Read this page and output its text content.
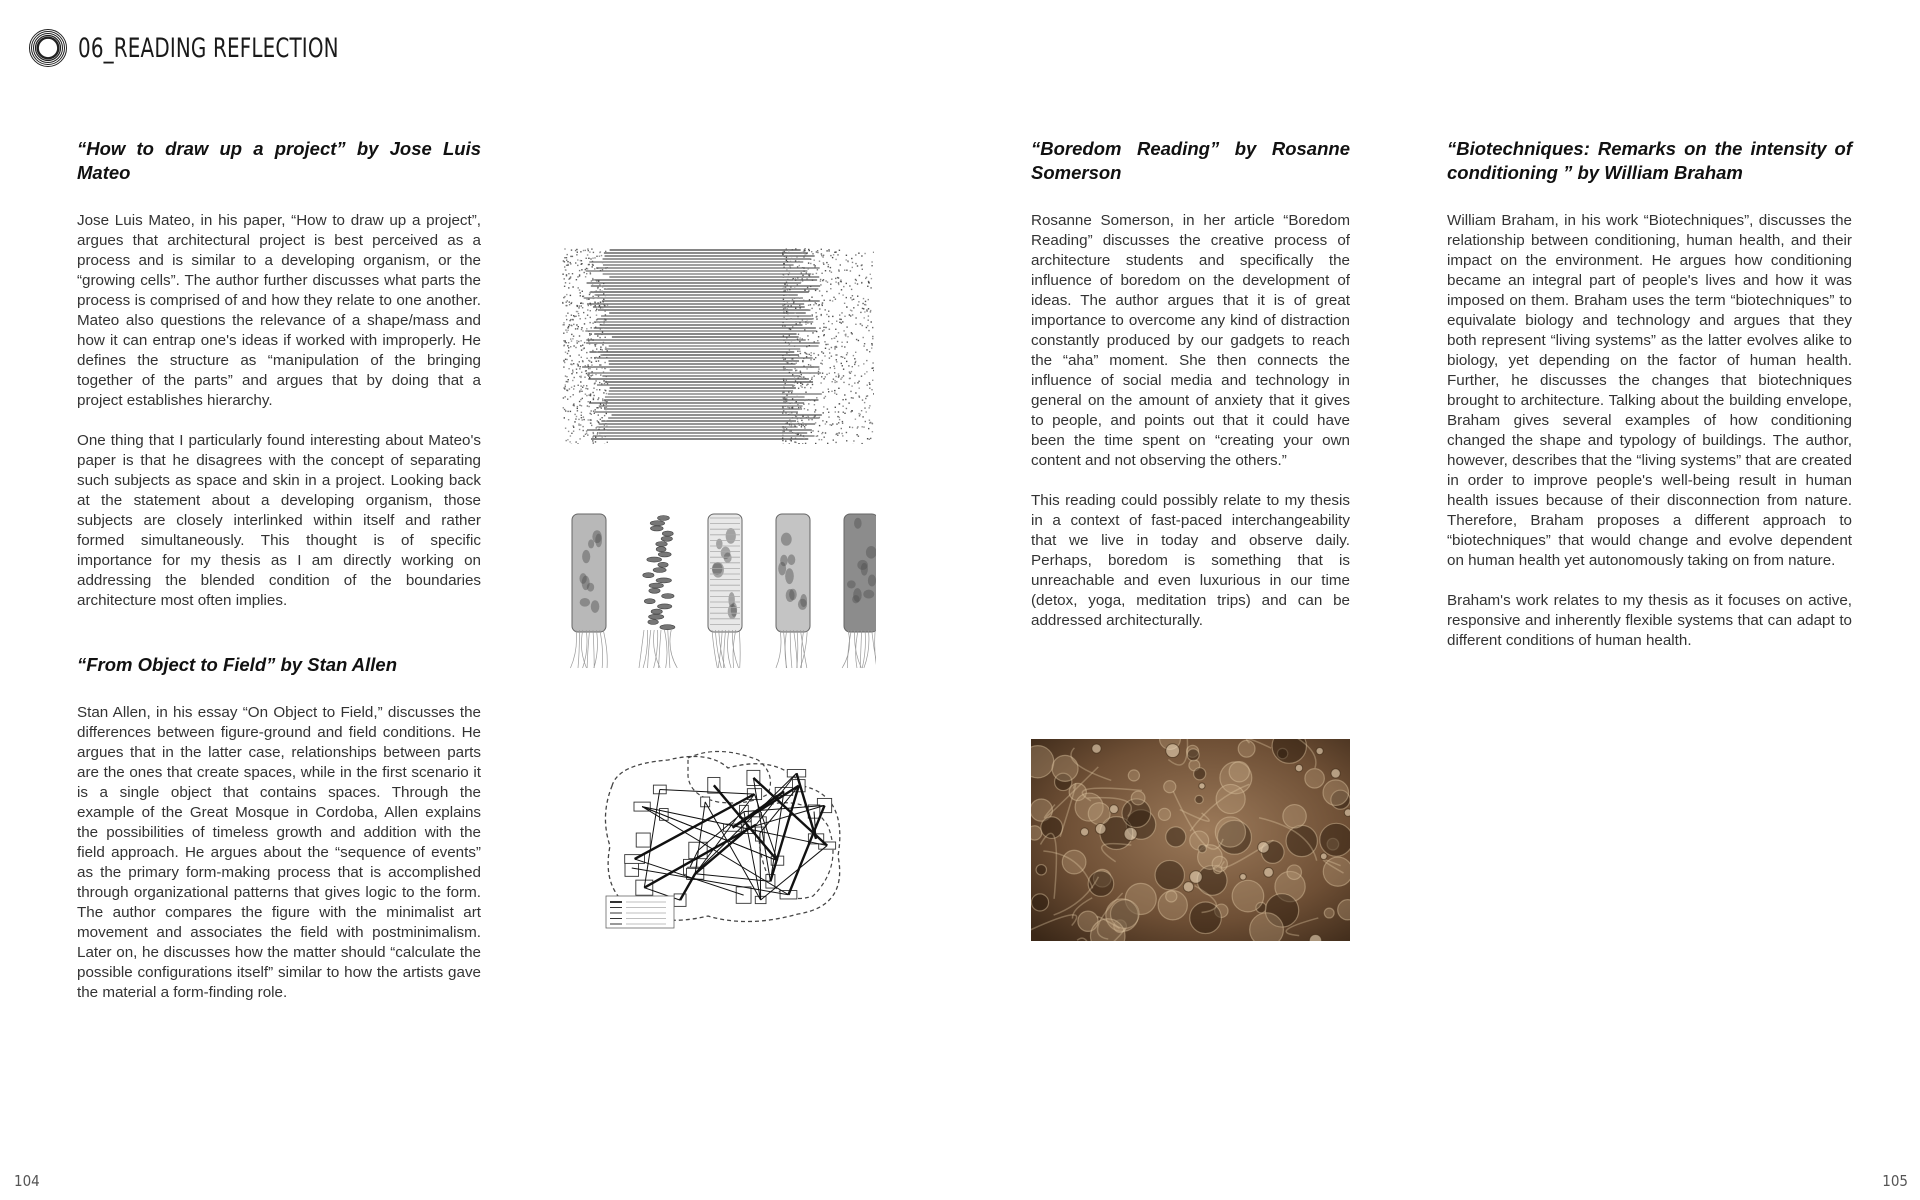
06_READING REFLECTION
“How to draw up a project” by Jose Luis Mateo

Jose Luis Mateo, in his paper, “How to draw up a project”, argues that architectural project is best perceived as a process and is similar to a developing organism, or the “growing cells”. The author further discusses what parts the process is comprised of and how they relate to one another. Mateo also questions the relevance of a shape/mass and how it can entrap one's ideas if worked with improperly. He defines the structure as “manipulation of the bringing together of the parts” and argues that by doing that a project establishes hierarchy.

One thing that I particularly found interesting about Mateo's paper is that he disagrees with the concept of separating such subjects as space and skin in a project. Looking back at the statement about a developing organism, those subjects are closely interlinked within itself and rather formed simultaneously. This thought is of specific importance for my thesis as I am directly working on addressing the blended condition of the boundaries architecture most often implies.

“From Object to Field” by Stan Allen

Stan Allen, in his essay “On Object to Field,” discusses the differences between figure-ground and field conditions. He argues that in the latter case, relationships between parts are the ones that create spaces, while in the first scenario it is a single object that contains spaces. Through the example of the Great Mosque in Cordoba, Allen explains the possibilities of timeless growth and addition with the field approach. He argues about the “sequence of events” as the primary form-making process that is accomplished through organizational patterns that gives logic to the form. The author compares the figure with the minimalist art movement and associates the field with postminimalism. Later on, he discusses how the matter should “calculate the possible configurations itself” similar to how the artists gave the material a form-finding role.

“Boredom Reading” by Rosanne Somerson

Rosanne Somerson, in her article “Boredom Reading” discusses the creative process of architecture students and specifically the influence of boredom on the development of ideas. The author argues that it is of great importance to overcome any kind of distraction constantly produced by our gadgets to reach the “aha” moment. She then connects the influence of social media and technology in general on the amount of anxiety that it gives to people, and points out that it could have been the time spent on “creating your own content and not observing the others.”

This reading could possibly relate to my thesis in a context of fast-paced interchangeability that we live in today and observe daily. Perhaps, boredom is something that is unreachable and even luxurious in our time (detox, yoga, meditation trips) and can be addressed architecturally.

“Biotechniques: Remarks on the intensity of conditioning ” by William Braham

William Braham, in his work “Biotechniques”, discusses the relationship between conditioning, human health, and their impact on the environment. He argues how conditioning became an integral part of people's lives and how it was imposed on them. Braham uses the term “biotechniques” to equivalate biology and technology and argues that they both represent “living systems” as the latter evolves alike to biology, yet depending on the factor of human health. Further, he discusses the changes that biotechniques brought to architecture. Talking about the building envelope, Braham gives several examples of how conditioning changed the shape and typology of buildings. The author, however, describes that the “living systems” that are created in order to improve people's well-being result in human health issues because of their disconnection from nature. Therefore, Braham proposes a different approach to “biotechniques” that would change and evolve dependent on human health yet autonomously taking on from nature.

Braham's work relates to my thesis as it focuses on active, responsive and inherently flexible systems that can adapt to different conditions of human health.

104	105
